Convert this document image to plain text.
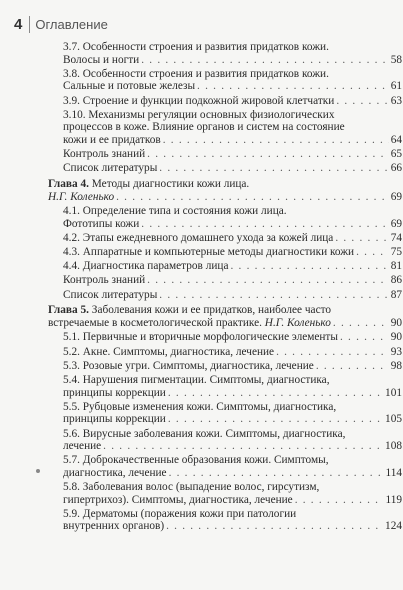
4 Оглавление
3.7. Особенности строения и развития придатков кожи.
Волосы и ногти . . .	58
3.8. Особенности строения и развития придатков кожи.
Сальные и потовые железы . . .	61
3.9. Строение и функции подкожной жировой клетчатки . . .	63
3.10. Механизмы регуляции основных физиологических
процессов в коже. Влияние органов и систем на состояние
кожи и ее придатков . . .	64
Контроль знаний . . .	65
Список литературы . . .	66
Глава 4. Методы диагностики кожи лица.
Н.Г. Коленько . . .	69
4.1. Определение типа и состояния кожи лица.
Фототипы кожи . . .	69
4.2. Этапы ежедневного домашнего ухода за кожей лица . . .	74
4.3. Аппаратные и компьютерные методы диагностики кожи . . .	75
4.4. Диагностика параметров лица . . .	81
Контроль знаний . . .	86
Список литературы . . .	87
Глава 5. Заболевания кожи и ее придатков, наиболее часто
встречаемые в косметологической практике. Н.Г. Коленько . . .	90
5.1. Первичные и вторичные морфологические элементы . . .	90
5.2. Акне. Симптомы, диагностика, лечение . . .	93
5.3. Розовые угри. Симптомы, диагностика, лечение . . .	98
5.4. Нарушения пигментации. Симптомы, диагностика,
принципы коррекции . . .	101
5.5. Рубцовые изменения кожи. Симптомы, диагностика,
принципы коррекции . . .	105
5.6. Вирусные заболевания кожи. Симптомы, диагностика,
лечение . . .	108
5.7. Доброкачественные образования кожи. Симптомы,
диагностика, лечение . . .	114
5.8. Заболевания волос (выпадение волос, гирсутизм,
гипертрихоз). Симптомы, диагностика, лечение . . .	119
5.9. Дерматомы (поражения кожи при патологии
внутренних органов) . . .	124
